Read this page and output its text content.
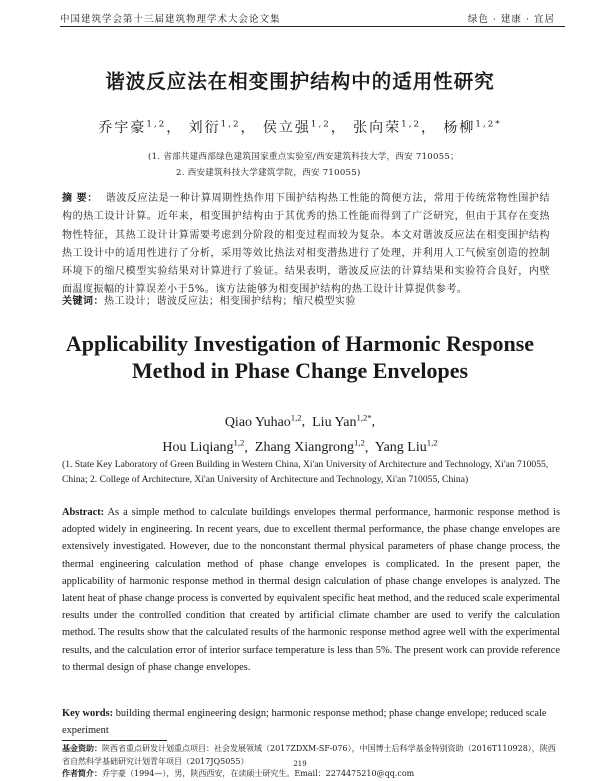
中国建筑学会第十三届建筑物理学术大会论文集	绿色 · 建康 · 宜居
谐波反应法在相变围护结构中的适用性研究
乔宇豪$^{1,2}$， 刘衍$^{1,2}$， 侯立强$^{1,2}$， 张向荣$^{1,2}$， 杨柳$^{1,2*}$
(1. 省部共建西部绿色建筑国家重点实验室/西安建筑科技大学，西安 710055；
2. 西安建筑科技大学建筑学院，西安 710055)
摘 要： 谐波反应法是一种计算周期性热作用下围护结构热工性能的简便方法，常用于传统常物性围护结构的热工设计计算。近年来，相变围护结构由于其优秀的热工性能而得到了广泛研究，但由于其存在变热物性特征，其热工设计计算需要考虑到分阶段的相变过程而较为复杂。本文对谐波反应法在相变围护结构热工设计中的适用性进行了分析，采用等效比热法对相变潜热进行了处理，并利用人工气候室创造的控制环境下的缩尺模型实验结果对计算进行了验证。结果表明，谐波反应法的计算结果和实验符合良好，内壁面温度振幅的计算误差小于5%。该方法能够为相变围护结构的热工设计计算提供参考。
关键词：热工设计；谐波反应法；相变围护结构；缩尺模型实验
Applicability Investigation of Harmonic Response
Method in Phase Change Envelopes
Qiao Yuhao$^{1,2}$,  Liu Yan$^{1,2*}$,
Hou Liqiang$^{1,2}$,  Zhang Xiangrong$^{1,2}$,  Yang Liu$^{1,2}$
(1. State Key Laboratory of Green Building in Western China, Xi'an University of Architecture and Technology, Xi'an 710055, China; 2. College of Architecture, Xi'an University of Architecture and Technology, Xi'an 710055, China)
Abstract: As a simple method to calculate buildings envelopes thermal performance, harmonic response method is adopted widely in engineering. In recent years, due to excellent thermal performance, the phase change envelopes are extensively investigated. However, due to the nonconstant thermal physical parameters of phase change process, the thermal engineering calculation method of phase change envelopes is complicated. In the present paper, the applicability of harmonic response method in thermal design calculation of phase change envelopes is analyzed. The latent heat of phase change process is converted by equivalent specific heat method, and the reduced scale experimental results under the controlled condition that created by artificial climate chamber are used to verify the calculation method. The results show that the calculated results of the harmonic response method agree well with the experimental results, and the calculation error of interior surface temperature is less than 5%. The present work can provide reference to thermal design of phase change envelopes.
Key words: building thermal engineering design; harmonic response method; phase change envelope; reduced scale experiment
基金资助：陕西省重点研发计划重点项目：社会发展领域（2017ZDXM-SF-076），中国博士后科学基金特别资助（2016T110928），陕西省自然科学基础研究计划青年项目（2017JQ5055）
作者简介：乔宇豪（1994—），男，陕西西安，在读硕士研究生。Email：2274475210@qq.com
219
